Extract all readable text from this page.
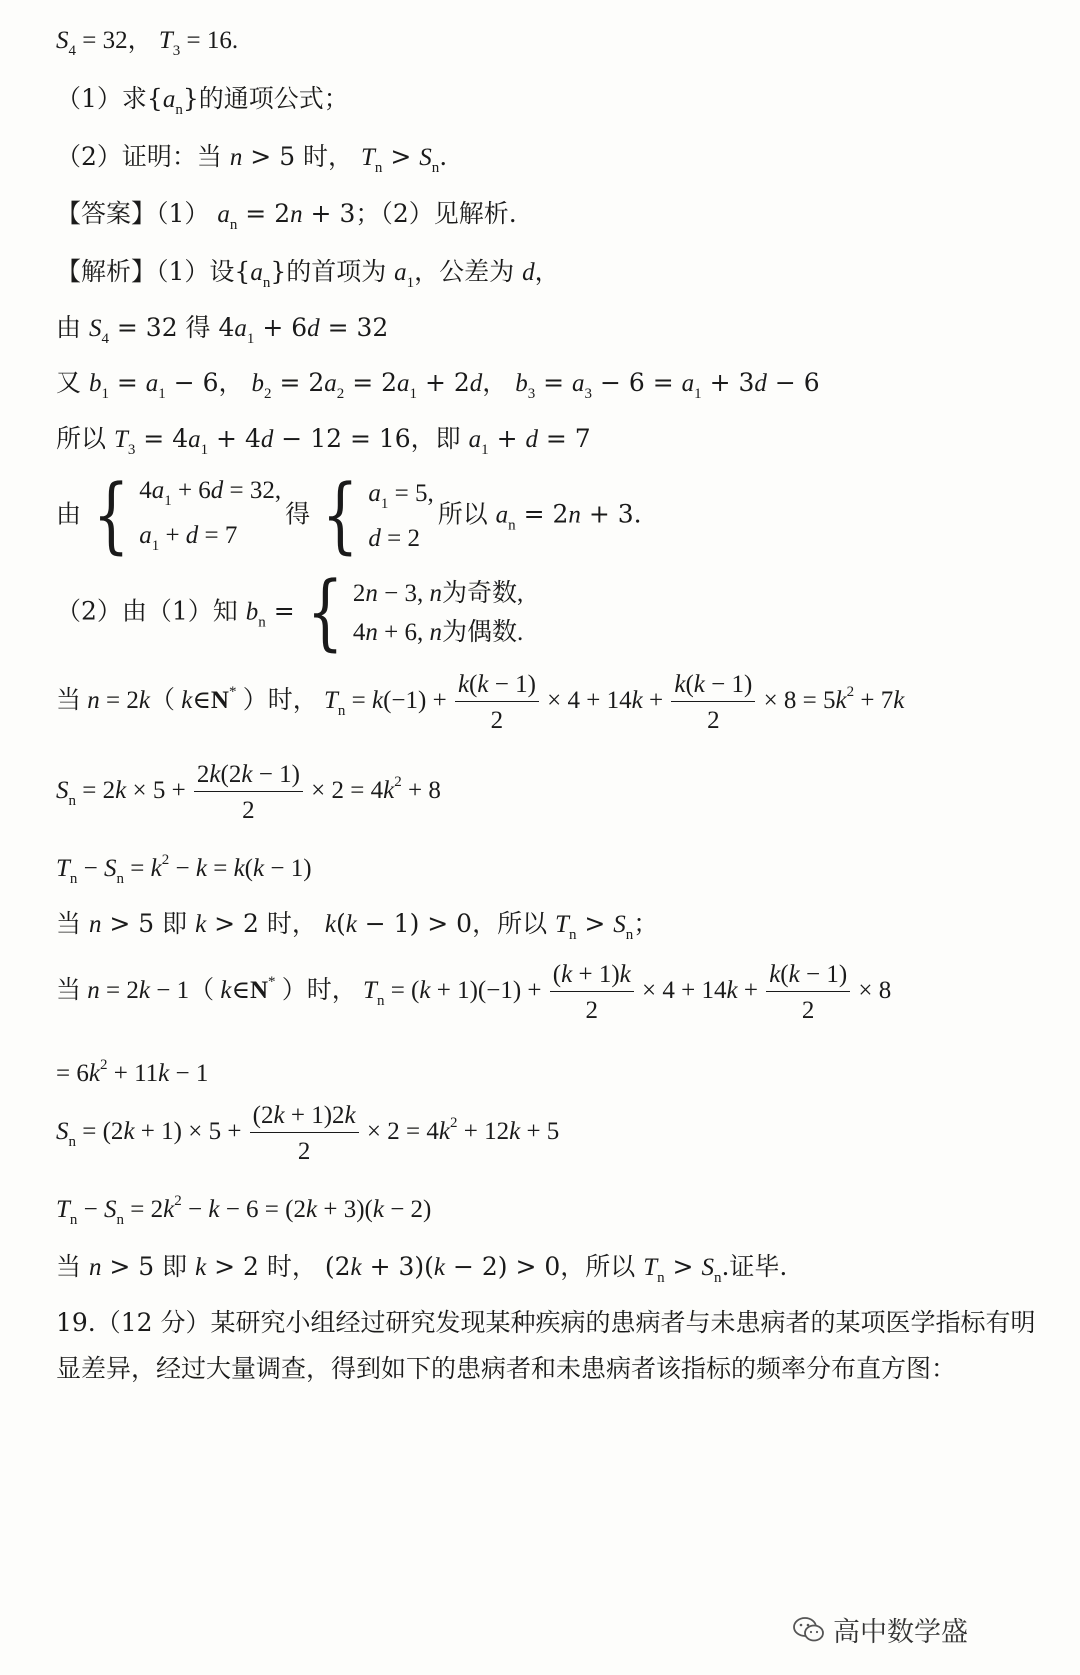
$S_4 = 32$， $T_3 = 16$.
（1）求$\{a_n\}$的通项公式；
（2）证明：当 n > 5 时， $T_n > S_n$.
【答案】（1） $a_n = 2n + 3$；（2）见解析.
【解析】（1）设$\{a_n\}$的首项为 $a_1$，公差为 d，
由 $S_4 = 32$ 得 $4a_1 + 6d = 32$
又 $b_1 = a_1 - 6$， $b_2 = 2a_2 = 2a_1 + 2d$， $b_3 = a_3 - 6 = a_1 + 3d - 6$
所以 $T_3 = 4a_1 + 4d - 12 = 16$，即 $a_1 + d = 7$
由 { $4a_1 + 6d = 32$,
$a_1 + d = 7$
得 { $a_1 = 5$,
d = 2
所以 $a_n = 2n + 3$.
（2）由（1）知 $b_n$ = { 2n − 3, n为奇数,
4n + 6, n为偶数.
当 n = 2k（ k∈N* ）时， $T_n = k(-1) + \frac{k(k - 1)}{2} \times 4 + 14k + \frac{k(k - 1)}{2} \times 8 = 5k^2 + 7k$
$S_n = 2k \times 5 + \frac{2k(2k - 1)}{2} \times 2 = 4k^2 + 8$
$T_n - S_n = k^2 - k = k(k - 1)$
当 n > 5 即 k > 2 时， k(k − 1) > 0，所以 $T_n > S_n$；
当 n = 2k − 1（ k∈N* ）时， $T_n = (k + 1)(-1) + \frac{(k + 1)k}{2} \times 4 + 14k + \frac{k(k - 1)}{2} \times 8$
= $6k^2 + 11k - 1$
$S_n = (2k + 1) \times 5 + \frac{(2k + 1)2k}{2} \times 2 = 4k^2 + 12k + 5$
$T_n - S_n = 2k^2 - k - 6 = (2k + 3)(k - 2)$
当 n > 5 即 k > 2 时， (2k + 3)(k − 2) > 0，所以 $T_n > S_n$.证毕.
19.（12 分）某研究小组经过研究发现某种疾病的患病者与未患病者的某项医学指标有明
显差异，经过大量调查，得到如下的患病者和未患病者该指标的频率分布直方图：
高中数学盛
